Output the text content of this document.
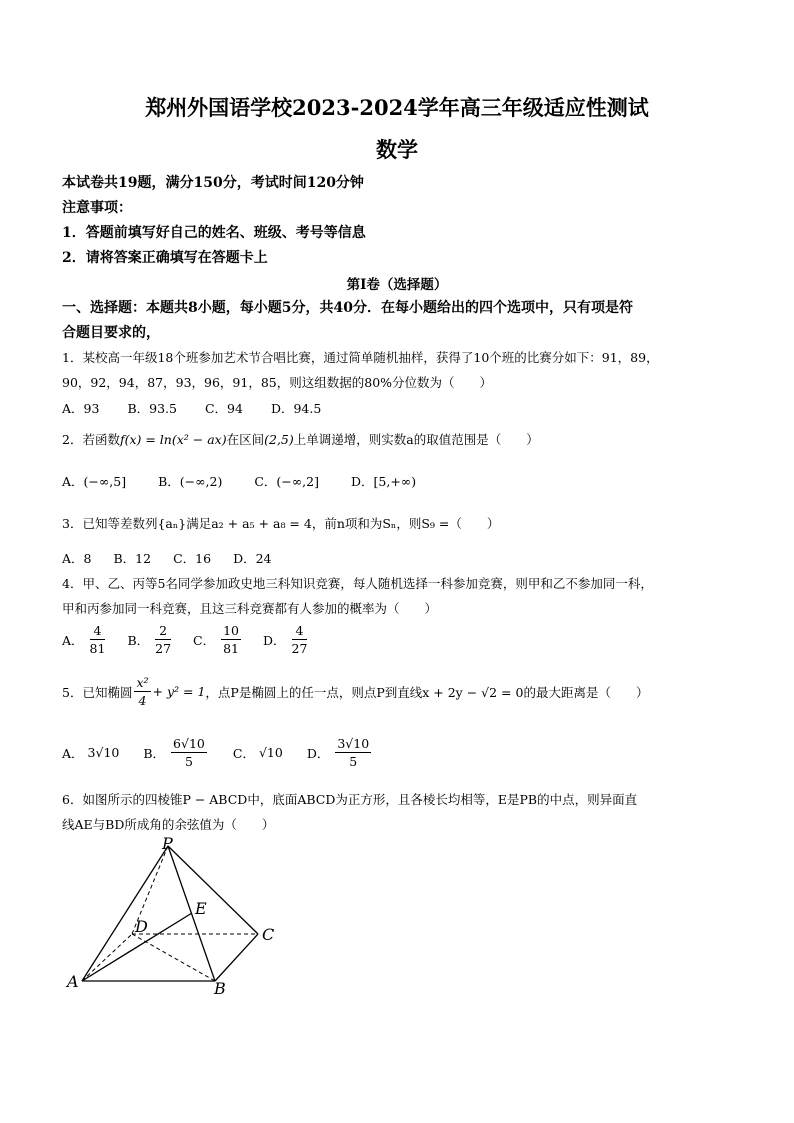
郑州外国语学校2023-2024学年高三年级适应性测试
数学
本试卷共19题，满分150分，考试时间120分钟
注意事项：
1．答题前填写好自己的姓名、班级、考号等信息
2．请将答案正确填写在答题卡上
第Ⅰ卷（选择题）
一、选择题：本题共8小题，每小题5分，共40分．在每小题给出的四个选项中，只有项是符
合题目要求的，
1．某校高一年级18个班参加艺术节合唱比赛，通过简单随机抽样，获得了10个班的比赛分如下：91，89，
90，92，94，87，93，96，91，85，则这组数据的80%分位数为（　　）
A．93 B．93.5 C．94 D．94.5
2．若函数f(x) = ln(x² − ax)在区间(2,5)上单调递增，则实数a的取值范围是（　　）
A．(−∞,5]	B．(−∞,2)	C．(−∞,2]	D．[5,+∞)
3．已知等差数列{aₙ}满足a₂ + a₅ + a₈ = 4，前n项和为Sₙ，则S₉ =（　　）
A．8 B．12 C．16 D．24
4．甲、乙、丙等5名同学参加政史地三科知识竞赛，每人随机选择一科参加竞赛，则甲和乙不参加同一科，
甲和丙参加同一科竞赛，且这三科竞赛都有人参加的概率为（　　）
A． $\frac{4}{81}$ B． $\frac{2}{27}$ C． $\frac{10}{81}$ D． $\frac{4}{27}$
5．已知椭圆 $\frac{\text{x²}}{4} + y^2 = 1$ ，点P是椭圆上的任一点，则点P到直线x + 2y − √2 = 0的最大距离是（　　）
A． 3√10 B． $\frac{6√10}{5}$ C． √10 D． $\frac{3√10}{5}$
6．如图所示的四棱锥P − ABCD中，底面ABCD为正方形，且各棱长均相等，E是PB的中点，则异面直
线AE与BD所成角的余弦值为（　　）
P
A	B
C
D
E
